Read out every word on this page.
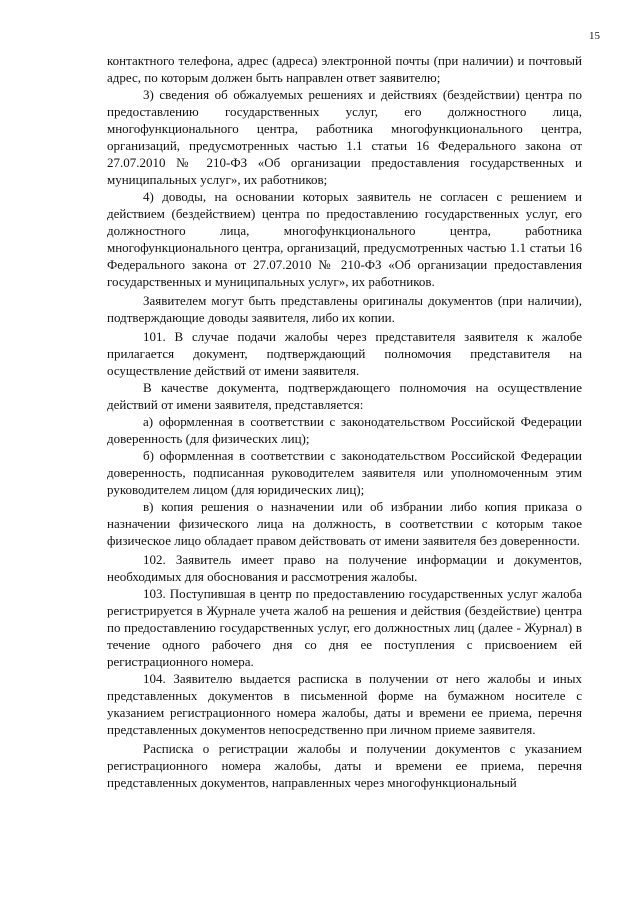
15

контактного телефона, адрес (адреса) электронной почты (при наличии) и почтовый адрес, по которым должен быть направлен ответ заявителю;

3) сведения об обжалуемых решениях и действиях (бездействии) центра по предоставлению государственных услуг, его должностного лица, многофункционального центра, работника многофункционального центра, организаций, предусмотренных частью 1.1 статьи 16 Федерального закона от 27.07.2010 № 210-ФЗ «Об организации предоставления государственных и муниципальных услуг», их работников;

4) доводы, на основании которых заявитель не согласен с решением и действием (бездействием) центра по предоставлению государственных услуг, его должностного лица, многофункционального центра, работника многофункционального центра, организаций, предусмотренных частью 1.1 статьи 16 Федерального закона от 27.07.2010 № 210-ФЗ «Об организации предоставления государственных и муниципальных услуг», их работников.

Заявителем могут быть представлены оригиналы документов (при наличии), подтверждающие доводы заявителя, либо их копии.

101. В случае подачи жалобы через представителя заявителя к жалобе прилагается документ, подтверждающий полномочия представителя на осуществление действий от имени заявителя.

В качестве документа, подтверждающего полномочия на осуществление действий от имени заявителя, представляется:

а) оформленная в соответствии с законодательством Российской Федерации доверенность (для физических лиц);

б) оформленная в соответствии с законодательством Российской Федерации доверенность, подписанная руководителем заявителя или уполномоченным этим руководителем лицом (для юридических лиц);

в) копия решения о назначении или об избрании либо копия приказа о назначении физического лица на должность, в соответствии с которым такое физическое лицо обладает правом действовать от имени заявителя без доверенности.

102. Заявитель имеет право на получение информации и документов, необходимых для обоснования и рассмотрения жалобы.

103. Поступившая в центр по предоставлению государственных услуг жалоба регистрируется в Журнале учета жалоб на решения и действия (бездействие) центра по предоставлению государственных услуг, его должностных лиц (далее - Журнал) в течение одного рабочего дня со дня ее поступления с присвоением ей регистрационного номера.

104. Заявителю выдается расписка в получении от него жалобы и иных представленных документов в письменной форме на бумажном носителе с указанием регистрационного номера жалобы, даты и времени ее приема, перечня представленных документов непосредственно при личном приеме заявителя.

Расписка о регистрации жалобы и получении документов с указанием регистрационного номера жалобы, даты и времени ее приема, перечня представленных документов, направленных через многофункциональный
